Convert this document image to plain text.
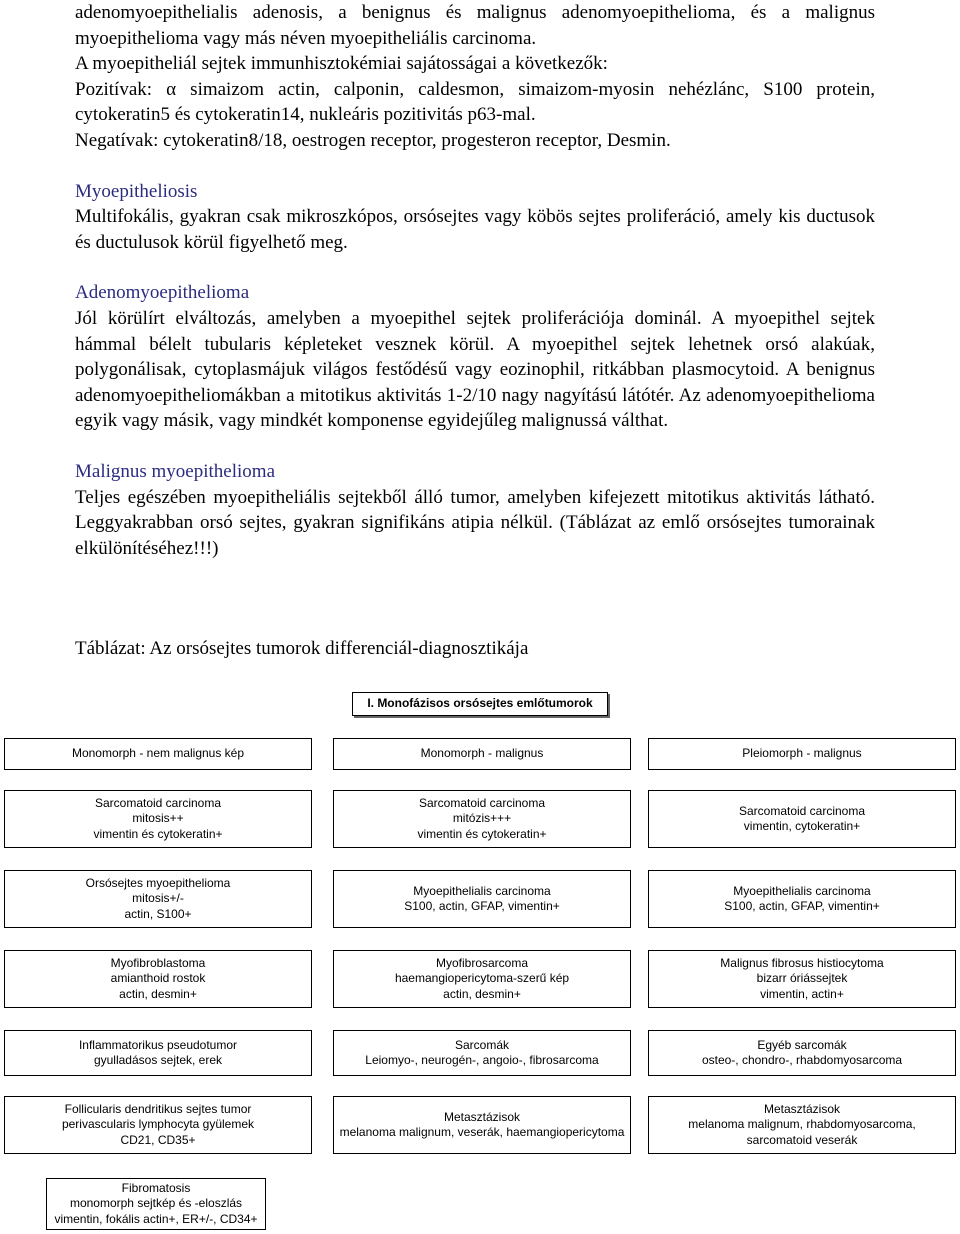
adenomyoepithelialis adenosis, a benignus és malignus adenomyoepithelioma, és a malignus myoepithelioma vagy más néven myoepitheliális carcinoma.

A myoepitheliál sejtek immunhisztokémiai sajátosságai a következők:

Pozitívak: α simaizom actin, calponin, caldesmon, simaizom-myosin nehézlánc, S100 protein, cytokeratin5 és cytokeratin14, nukleáris pozitivitás p63-mal.

Negatívak: cytokeratin8/18, oestrogen receptor, progesteron receptor, Desmin.

Myoepitheliosis

Multifokális, gyakran csak mikroszkópos, orsósejtes vagy köbös sejtes proliferáció, amely kis ductusok és ductulusok körül figyelhető meg.

Adenomyoepithelioma

Jól körülírt elváltozás, amelyben a myoepithel sejtek proliferációja dominál. A myoepithel sejtek hámmal bélelt tubularis képleteket vesznek körül. A myoepithel sejtek lehetnek orsó alakúak, polygonálisak, cytoplasmájuk világos festődésű vagy eozinophil, ritkábban plasmocytoid. A benignus adenomyoepitheliomákban a mitotikus aktivitás 1-2/10 nagy nagyítású látótér. Az adenomyoepithelioma egyik vagy másik, vagy mindkét komponense egyidejűleg malignussá válthat.

Malignus myoepithelioma

Teljes egészében myoepitheliális sejtekből álló tumor, amelyben kifejezett mitotikus aktivitás látható. Leggyakrabban orsó sejtes, gyakran signifikáns atipia nélkül. (Táblázat az emlő orsósejtes tumorainak elkülönítéséhez!!!)

Táblázat: Az orsósejtes tumorok differenciál-diagnosztikája
I. Monofázisos orsósejtes emlőtumorok
Monomorph - nem malignus kép	Monomorph - malignus	Pleiomorph - malignus
Sarcomatoid carcinoma
mitosis++
vimentin és cytokeratin+
Sarcomatoid carcinoma
mitózis+++
vimentin és cytokeratin+
Sarcomatoid carcinoma
vimentin, cytokeratin+
Orsósejtes myoepithelioma
mitosis+/-
actin, S100+
Myoepithelialis carcinoma
S100, actin, GFAP, vimentin+
Myoepithelialis carcinoma
S100, actin, GFAP, vimentin+
Myofibroblastoma
amianthoid rostok
actin, desmin+
Myofibrosarcoma
haemangiopericytoma-szerű kép
actin, desmin+
Malignus fibrosus histiocytoma
bizarr óriássejtek
vimentin, actin+
Inflammatorikus pseudotumor
gyulladásos sejtek, erek
Sarcomák
Leiomyo-, neurogén-, angoio-, fibrosarcoma
Egyéb sarcomák
osteo-, chondro-, rhabdomyosarcoma
Follicularis dendritikus sejtes tumor
perivascularis lymphocyta gyülemek
CD21, CD35+
Metasztázisok
melanoma malignum, veserák, haemangiopericytoma
Metasztázisok
melanoma malignum, rhabdomyosarcoma,
sarcomatoid veserák
Fibromatosis
monomorph sejtkép és -eloszlás
vimentin, fokális actin+, ER+/-, CD34+
